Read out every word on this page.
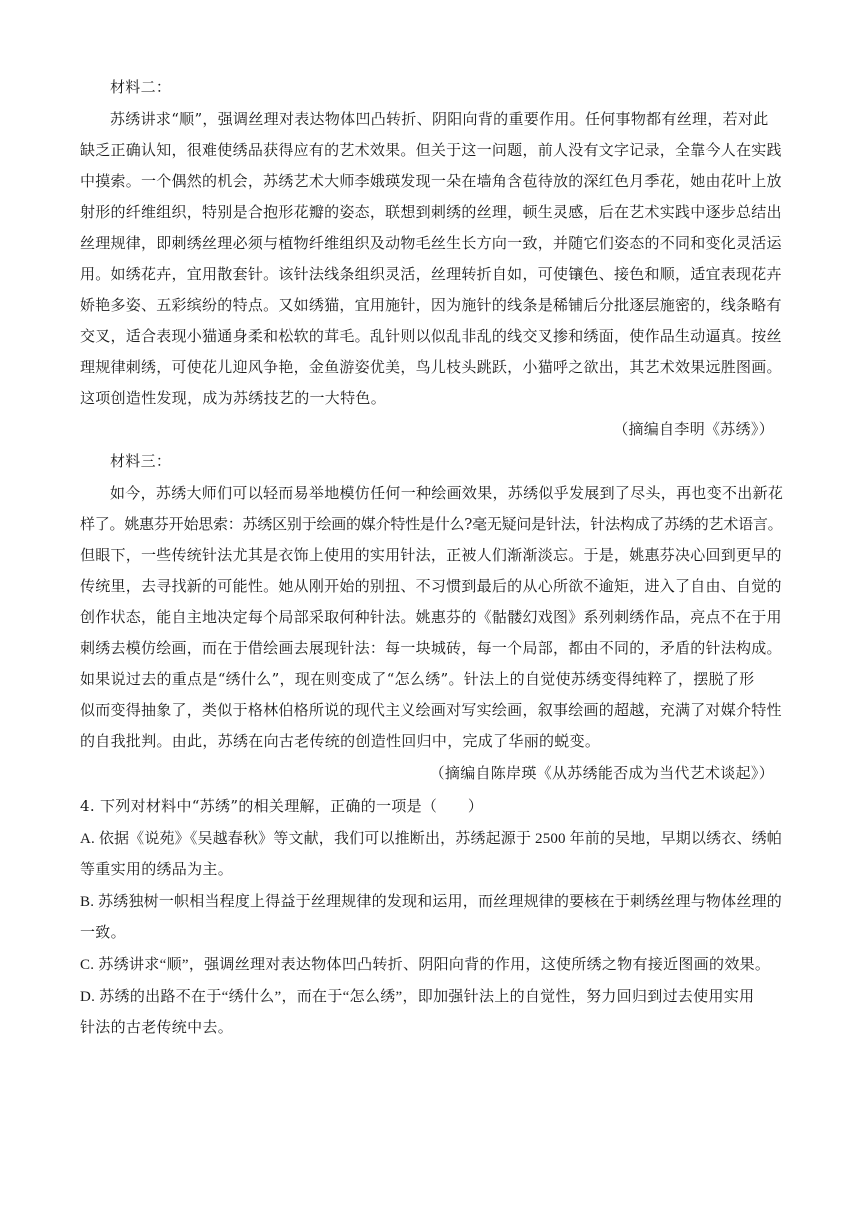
材料二：
苏绣讲求“顺”，强调丝理对表达物体凹凸转折、阴阳向背的重要作用。任何事物都有丝理，若对此
缺乏正确认知，很难使绣品获得应有的艺术效果。但关于这一问题，前人没有文字记录，全靠今人在实践
中摸索。一个偶然的机会，苏绣艺术大师李娥瑛发现一朵在墙角含苞待放的深红色月季花，她由花叶上放
射形的纤维组织，特别是合抱形花瓣的姿态，联想到刺绣的丝理，顿生灵感，后在艺术实践中逐步总结出
丝理规律，即刺绣丝理必须与植物纤维组织及动物毛丝生长方向一致，并随它们姿态的不同和变化灵活运
用。如绣花卉，宜用散套针。该针法线条组织灵活，丝理转折自如，可使镶色、接色和顺，适宜表现花卉
娇艳多姿、五彩缤纷的特点。又如绣猫，宜用施针，因为施针的线条是稀铺后分批逐层施密的，线条略有
交叉，适合表现小猫通身柔和松软的茸毛。乱针则以似乱非乱的线交叉掺和绣面，使作品生动逼真。按丝
理规律刺绣，可使花儿迎风争艳，金鱼游姿优美，鸟儿枝头跳跃，小猫呼之欲出，其艺术效果远胜图画。
这项创造性发现，成为苏绣技艺的一大特色。
（摘编自李明《苏绣》）
材料三：
如今，苏绣大师们可以轻而易举地模仿任何一种绘画效果，苏绣似乎发展到了尽头，再也变不出新花
样了。姚惠芬开始思索：苏绣区别于绘画的媒介特性是什么?毫无疑问是针法，针法构成了苏绣的艺术语言。
但眼下，一些传统针法尤其是衣饰上使用的实用针法，正被人们渐渐淡忘。于是，姚惠芬决心回到更早的
传统里，去寻找新的可能性。她从刚开始的别扭、不习惯到最后的从心所欲不逾矩，进入了自由、自觉的
创作状态，能自主地决定每个局部采取何种针法。姚惠芬的《骷髅幻戏图》系列刺绣作品，亮点不在于用
刺绣去模仿绘画，而在于借绘画去展现针法：每一块城砖，每一个局部，都由不同的，矛盾的针法构成。
如果说过去的重点是“绣什么”，现在则变成了“怎么绣”。针法上的自觉使苏绣变得纯粹了，摆脱了形
似而变得抽象了，类似于格林伯格所说的现代主义绘画对写实绘画，叙事绘画的超越，充满了对媒介特性
的自我批判。由此，苏绣在向古老传统的创造性回归中，完成了华丽的蜕变。
（摘编自陈岸瑛《从苏绣能否成为当代艺术谈起》）
4. 下列对材料中“苏绣”的相关理解，正确的一项是（　　）
A. 依据《说苑》《吴越春秋》等文献，我们可以推断出，苏绣起源于 2500 年前的吴地，早期以绣衣、绣帕
等重实用的绣品为主。
B. 苏绣独树一帜相当程度上得益于丝理规律的发现和运用，而丝理规律的要核在于刺绣丝理与物体丝理的
一致。
C. 苏绣讲求“顺”，强调丝理对表达物体凹凸转折、阴阳向背的作用，这使所绣之物有接近图画的效果。
D. 苏绣的出路不在于“绣什么”，而在于“怎么绣”，即加强针法上的自觉性，努力回归到过去使用实用
针法的古老传统中去。
